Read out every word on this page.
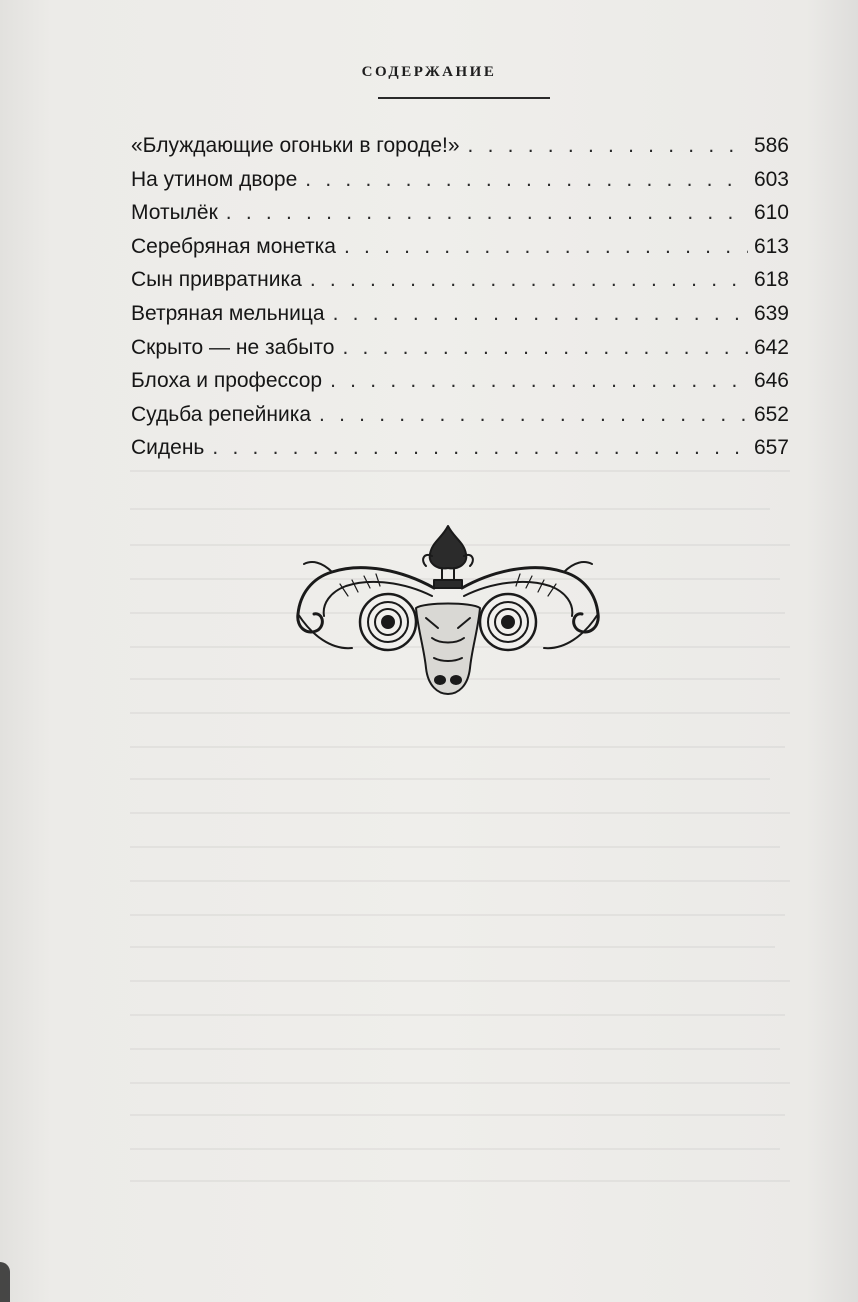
СОДЕРЖАНИЕ
«Блуждающие огоньки в городе!» . . .	586
На утином дворе . . .	603
Мотылёк . . .	610
Серебряная монетка . . .	613
Сын привратника . . .	618
Ветряная мельница . . .	639
Скрыто — не забыто . . .	642
Блоха и профессор . . .	646
Судьба репейника . . .	652
Сидень . . .	657
